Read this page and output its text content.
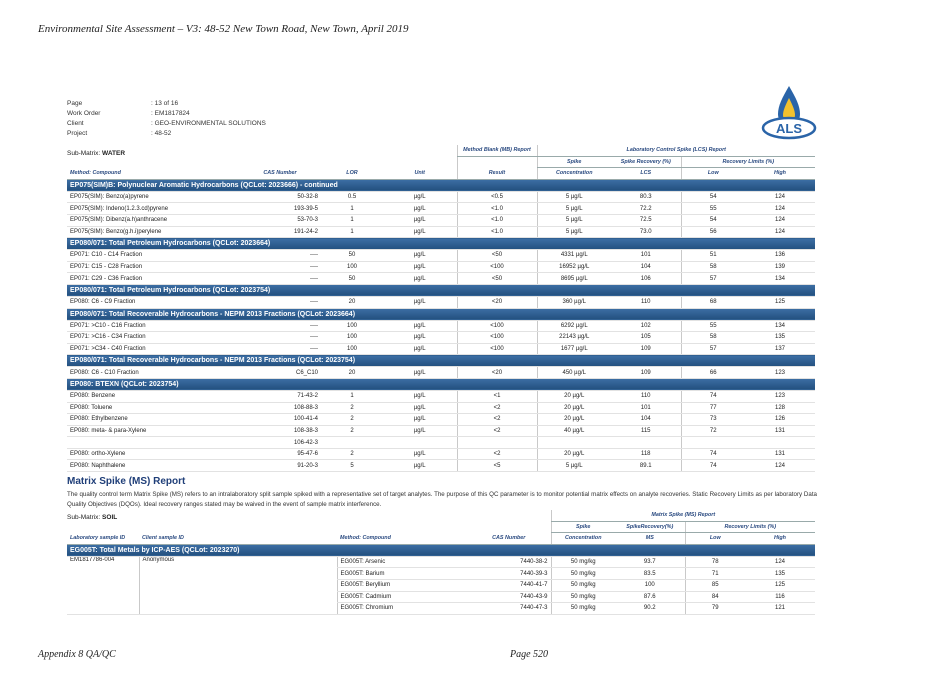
Environmental Site Assessment – V3: 48-52 New Town Road, New Town, April 2019
Page	: 13 of 16
Work Order	: EM1817824
Client	: GEO-ENVIRONMENTAL SOLUTIONS
Project	: 48-52	ALS
Sub-Matrix: WATER
				Method Blank (MB) Report	Laboratory Control Spike (LCS) Report			
					Spike	Spike Recovery (%)	Recovery Limits (%)	
Method: Compound	CAS Number	LOR	Unit	Result	Concentration	LCS	Low	High
EP075(SIM)B: Polynuclear Aromatic Hydrocarbons (QCLot: 2023666) - continued								
EP075(SIM): Benzo(a)pyrene	50-32-8	0.5	µg/L	<0.5	5 µg/L	80.3	54	124
EP075(SIM): Indeno(1.2.3.cd)pyrene	193-39-5	1	µg/L	<1.0	5 µg/L	72.2	55	124
EP075(SIM): Dibenz(a.h)anthracene	53-70-3	1	µg/L	<1.0	5 µg/L	72.5	54	124
EP075(SIM): Benzo(g.h.i)perylene	191-24-2	1	µg/L	<1.0	5 µg/L	73.0	56	124
EP080/071: Total Petroleum Hydrocarbons (QCLot: 2023664)								
EP071: C10 - C14 Fraction	----	50	µg/L	<50	4331 µg/L	101	51	136
EP071: C15 - C28 Fraction	----	100	µg/L	<100	16952 µg/L	104	58	139
EP071: C29 - C36 Fraction	----	50	µg/L	<50	8695 µg/L	106	57	134
EP080/071: Total Petroleum Hydrocarbons (QCLot: 2023754)								
EP080: C6 - C9 Fraction	----	20	µg/L	<20	360 µg/L	110	68	125
EP080/071: Total Recoverable Hydrocarbons - NEPM 2013 Fractions (QCLot: 2023664)								
EP071: >C10 - C16 Fraction	----	100	µg/L	<100	6292 µg/L	102	55	134
EP071: >C16 - C34 Fraction	----	100	µg/L	<100	22143 µg/L	105	58	135
EP071: >C34 - C40 Fraction	----	100	µg/L	<100	1677 µg/L	109	57	137
EP080/071: Total Recoverable Hydrocarbons - NEPM 2013 Fractions (QCLot: 2023754)								
EP080: C6 - C10 Fraction	C6_C10	20	µg/L	<20	450 µg/L	109	66	123
EP080: BTEXN (QCLot: 2023754)								
EP080: Benzene	71-43-2	1	µg/L	<1	20 µg/L	110	74	123
EP080: Toluene	108-88-3	2	µg/L	<2	20 µg/L	101	77	128
EP080: Ethylbenzene	100-41-4	2	µg/L	<2	20 µg/L	104	73	126
EP080: meta- & para-Xylene	108-38-3	2	µg/L	<2	40 µg/L	115	72	131
	106-42-3							
EP080: ortho-Xylene	95-47-6	2	µg/L	<2	20 µg/L	118	74	131
EP080: Naphthalene	91-20-3	5	µg/L	<5	5 µg/L	89.1	74	124
Matrix Spike (MS) Report
The quality control term Matrix Spike (MS) refers to an intralaboratory split sample spiked with a representative set of target analytes. The purpose of this QC parameter is to monitor potential matrix effects on analyte recoveries. Static Recovery Limits as per laboratory Data Quality Objectives (DQOs). Ideal recovery ranges stated may be waived in the event of sample matrix interference.
Sub-Matrix: SOIL
				Matrix Spike (MS) Report			
				Spike	SpikeRecovery(%)	Recovery Limits (%)	
Laboratory sample ID	Client sample ID	Method: Compound	CAS Number	Concentration	MS	Low	High
EG005T: Total Metals by ICP-AES (QCLot: 2023270)							
EM1817786-004	Anonymous	EG005T: Arsenic	7440-38-2	50 mg/kg	93.7	78	124
		EG005T: Barium	7440-39-3	50 mg/kg	83.5	71	135
		EG005T: Beryllium	7440-41-7	50 mg/kg	100	85	125
		EG005T: Cadmium	7440-43-9	50 mg/kg	87.6	84	116
		EG005T: Chromium	7440-47-3	50 mg/kg	90.2	79	121
Appendix 8 QA/QC	Page 520
